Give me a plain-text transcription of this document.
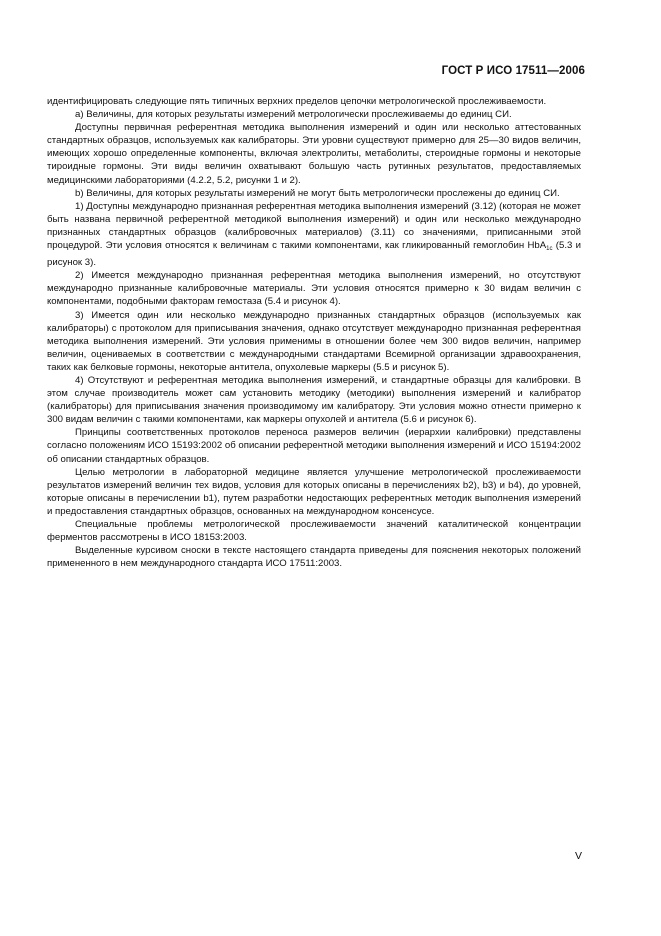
ГОСТ Р ИСО 17511—2006

идентифицировать следующие пять типичных верхних пределов цепочки метрологической прослеживаемости.

а) Величины, для которых результаты измерений метрологически прослеживаемы до единиц СИ.

Доступны первичная референтная методика выполнения измерений и один или несколько аттестованных стандартных образцов, используемых как калибраторы. Эти уровни существуют примерно для 25—30 видов величин, имеющих хорошо определенные компоненты, включая электролиты, метаболиты, стероидные гормоны и некоторые тироидные гормоны. Эти виды величин охватывают большую часть рутинных результатов, предоставляемых медицинскими лабораториями (4.2.2, 5.2, рисунки 1 и 2).

b) Величины, для которых результаты измерений не могут быть метрологически прослежены до единиц СИ.

1) Доступны международно признанная референтная методика выполнения измерений (3.12) (которая не может быть названа первичной референтной методикой выполнения измерений) и один или несколько международно признанных стандартных образцов (калибровочных материалов) (3.11) со значениями, приписанными этой процедурой. Эти условия относятся к величинам с такими компонентами, как гликированный гемоглобин HbA$_{1c}$ (5.3 и рисунок 3).

2) Имеется международно признанная референтная методика выполнения измерений, но отсутствуют международно признанные калибровочные материалы. Эти условия относятся примерно к 30 видам величин с компонентами, подобными факторам гемостаза (5.4 и рисунок 4).

3) Имеется один или несколько международно признанных стандартных образцов (используемых как калибраторы) с протоколом для приписывания значения, однако отсутствует международно признанная референтная методика выполнения измерений. Эти условия применимы в отношении более чем 300 видов величин, например величин, оцениваемых в соответствии с международными стандартами Всемирной организации здравоохранения, таких как белковые гормоны, некоторые антитела, опухолевые маркеры (5.5 и рисунок 5).

4) Отсутствуют и референтная методика выполнения измерений, и стандартные образцы для калибровки. В этом случае производитель может сам установить методику (методики) выполнения измерений и калибратор (калибраторы) для приписывания значения производимому им калибратору. Эти условия можно отнести примерно к 300 видам величин с такими компонентами, как маркеры опухолей и антитела (5.6 и рисунок 6).

Принципы соответственных протоколов переноса размеров величин (иерархии калибровки) представлены согласно положениям ИСО 15193:2002 об описании референтной методики выполнения измерений и ИСО 15194:2002 об описании стандартных образцов.

Целью метрологии в лабораторной медицине является улучшение метрологической прослеживаемости результатов измерений величин тех видов, условия для которых описаны в перечислениях b2), b3) и b4), до уровней, которые описаны в перечислении b1), путем разработки недостающих референтных методик выполнения измерений и предоставления стандартных образцов, основанных на международном консенсусе.

Специальные проблемы метрологической прослеживаемости значений каталитической концентрации ферментов рассмотрены в ИСО 18153:2003.

Выделенные курсивом сноски в тексте настоящего стандарта приведены для пояснения некоторых положений примененного в нем международного стандарта ИСО 17511:2003.

V
